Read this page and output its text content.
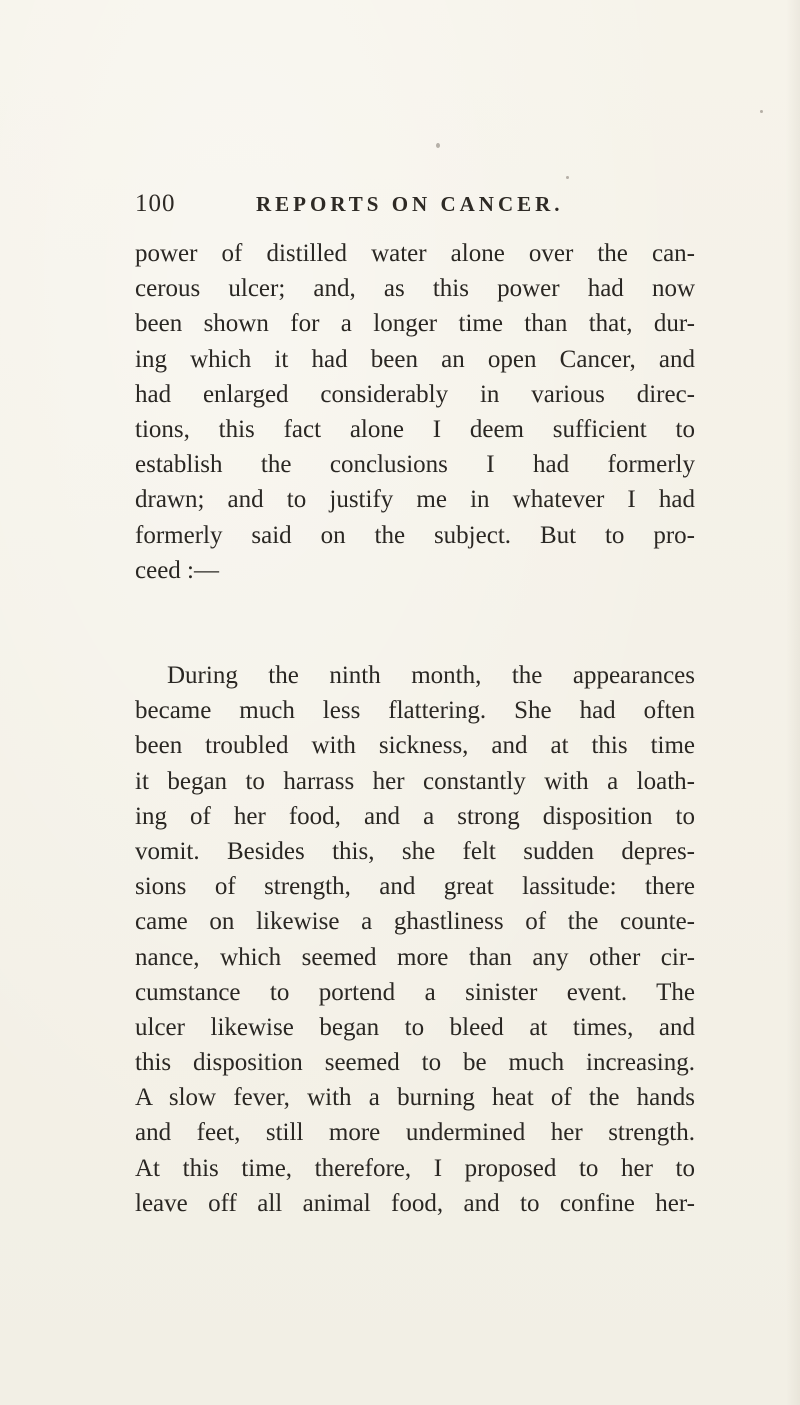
100	REPORTS ON CANCER.

power of distilled water alone over the can-
cerous ulcer; and, as this power had now
been shown for a longer time than that, dur-
ing which it had been an open Cancer, and
had enlarged considerably in various direc-
tions, this fact alone I deem sufficient to
establish the conclusions I had formerly
drawn; and to justify me in whatever I had
formerly said on the subject. But to pro-
ceed :—

During the ninth month, the appearances
became much less flattering. She had often
been troubled with sickness, and at this time
it began to harrass her constantly with a loath-
ing of her food, and a strong disposition to
vomit. Besides this, she felt sudden depres-
sions of strength, and great lassitude: there
came on likewise a ghastliness of the counte-
nance, which seemed more than any other cir-
cumstance to portend a sinister event. The
ulcer likewise began to bleed at times, and
this disposition seemed to be much increasing.
A slow fever, with a burning heat of the hands
and feet, still more undermined her strength.
At this time, therefore, I proposed to her to
leave off all animal food, and to confine her-
